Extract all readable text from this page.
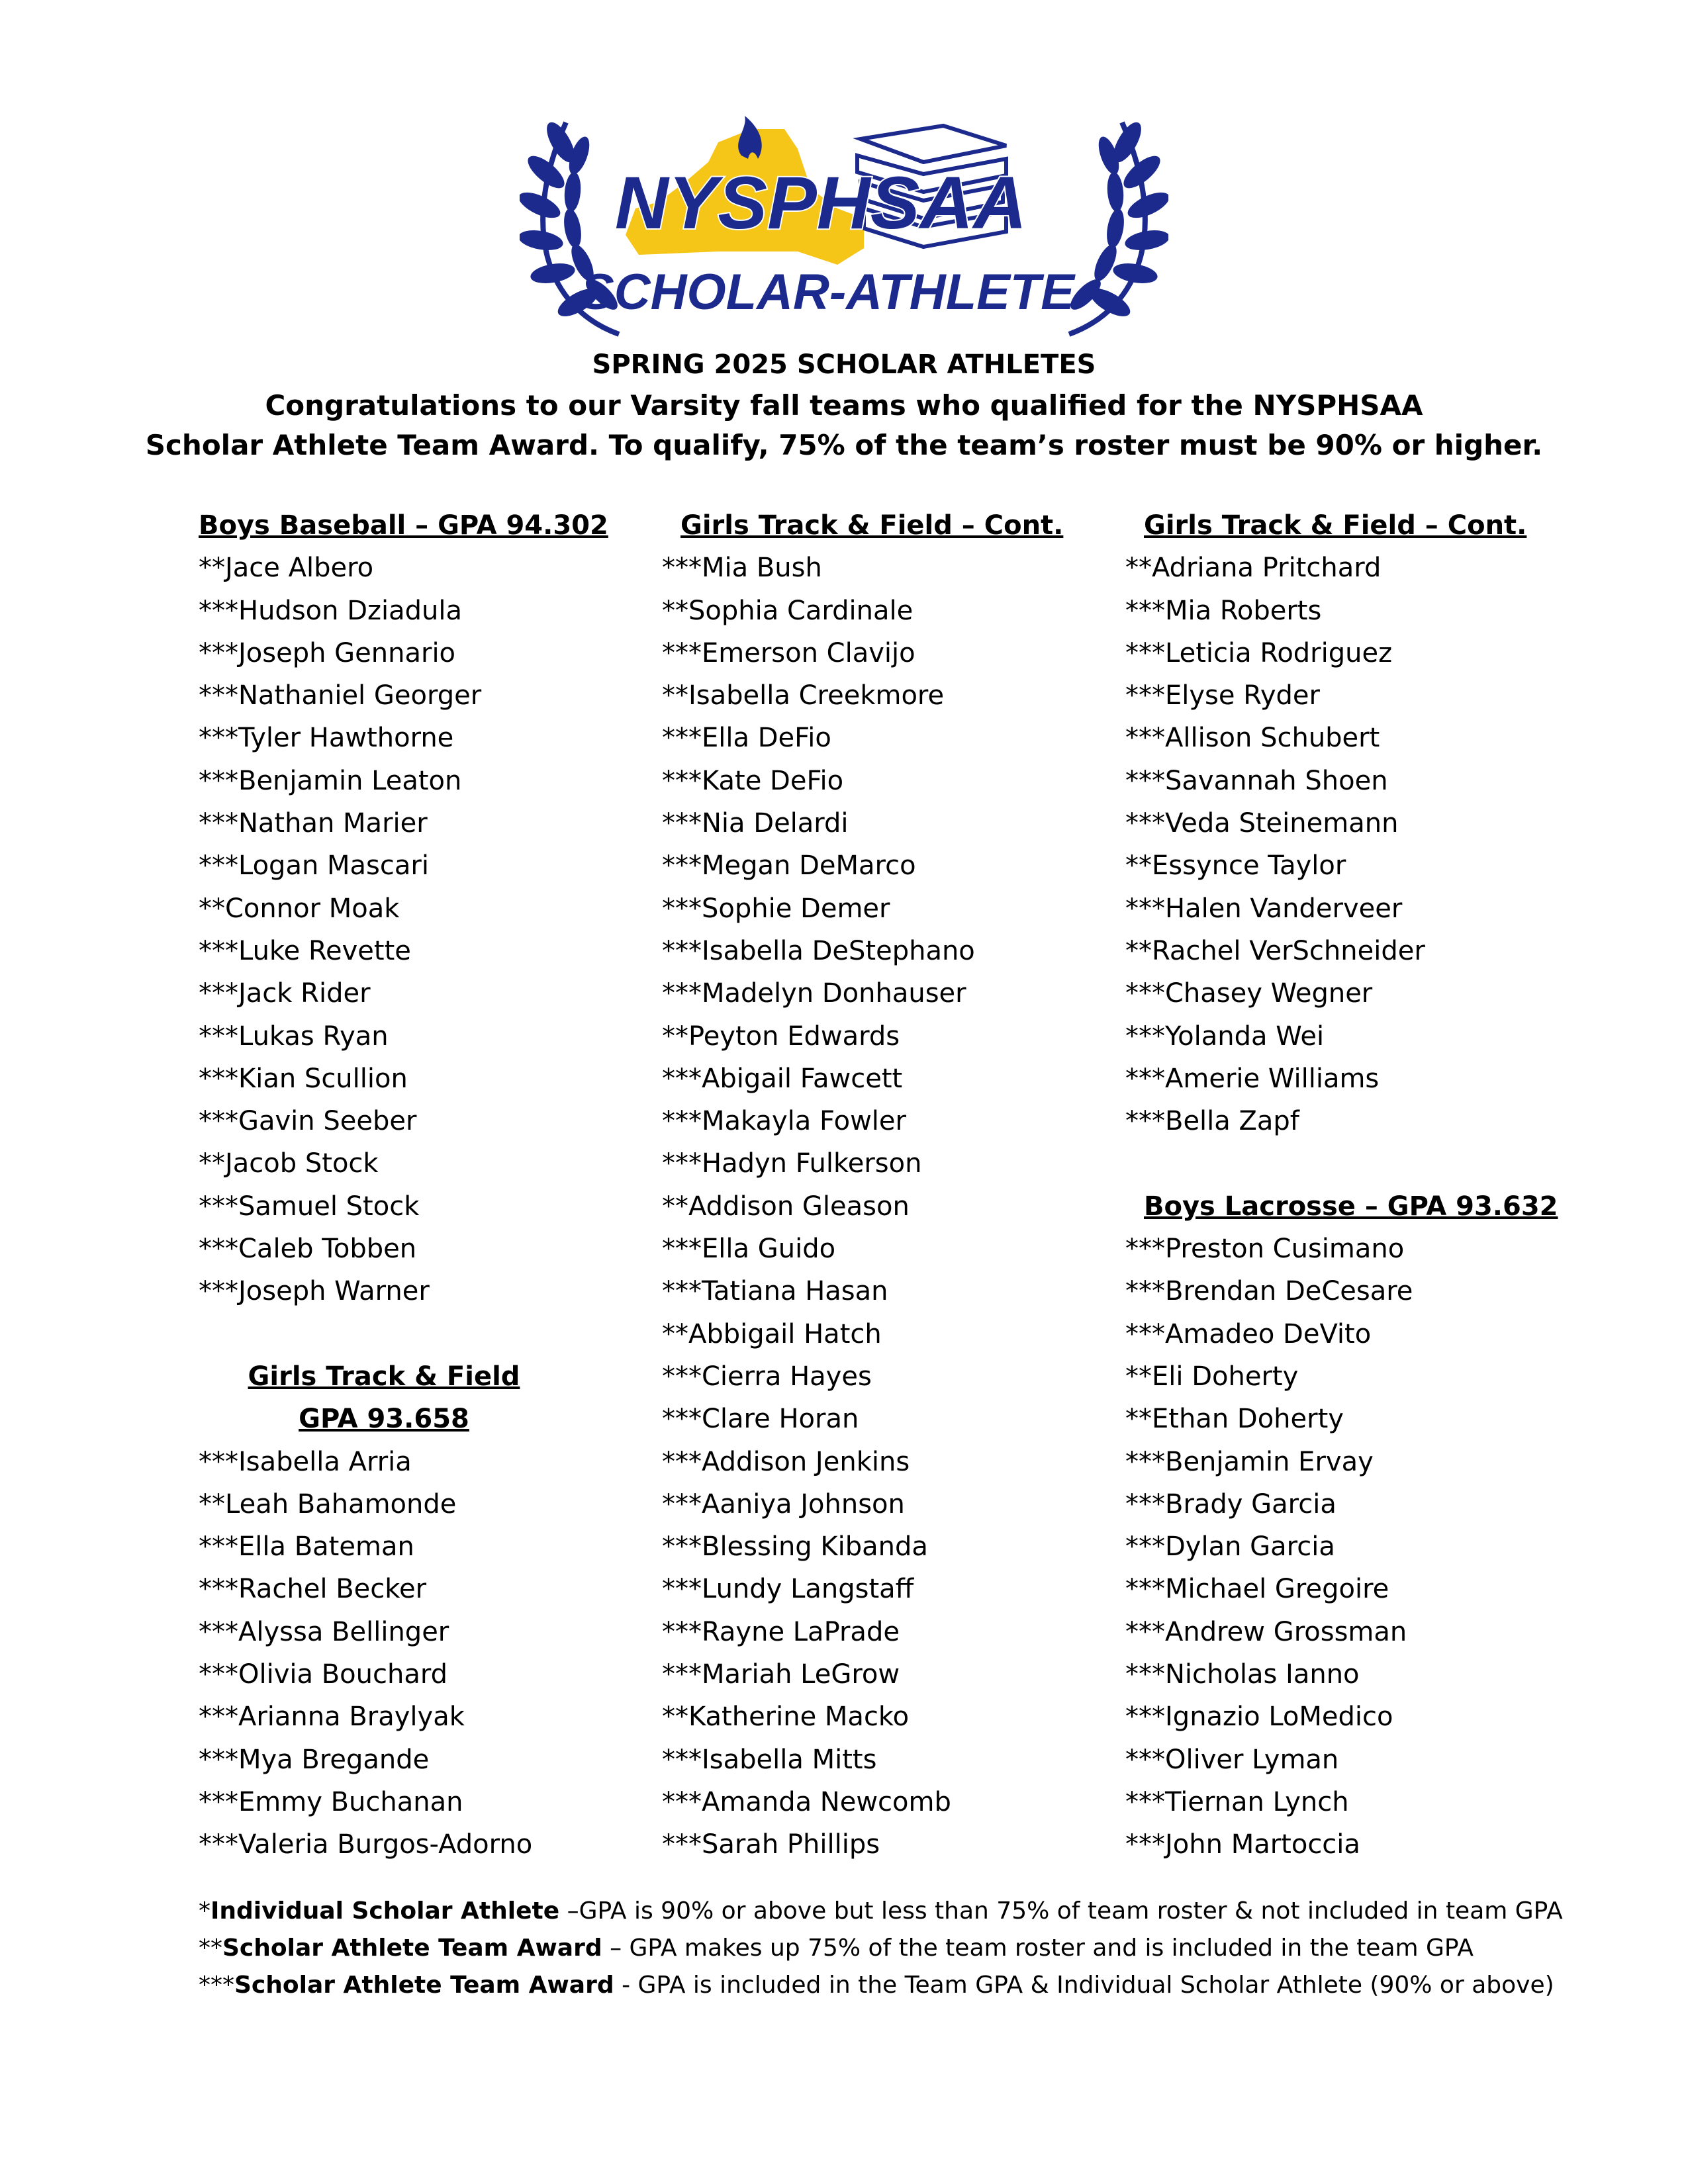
NYSPHSAA
SCHOLAR-ATHLETE

SPRING 2025 SCHOLAR ATHLETES

Congratulations to our Varsity fall teams who qualified for the NYSPHSAA

Scholar Athlete Team Award. To qualify, 75% of the team’s roster must be 90% or higher.

Boys Baseball – GPA 94.302
**Jace Albero
***Hudson Dziadula
***Joseph Gennario
***Nathaniel Georger
***Tyler Hawthorne
***Benjamin Leaton
***Nathan Marier
***Logan Mascari
**Connor Moak
***Luke Revette
***Jack Rider
***Lukas Ryan
***Kian Scullion
***Gavin Seeber
**Jacob Stock
***Samuel Stock
***Caleb Tobben
***Joseph Warner
Girls Track & Field
GPA 93.658
***Isabella Arria
**Leah Bahamonde
***Ella Bateman
***Rachel Becker
***Alyssa Bellinger
***Olivia Bouchard
***Arianna Braylyak
***Mya Bregande
***Emmy Buchanan
***Valeria Burgos-Adorno
Girls Track & Field – Cont.
***Mia Bush
**Sophia Cardinale
***Emerson Clavijo
**Isabella Creekmore
***Ella DeFio
***Kate DeFio
***Nia Delardi
***Megan DeMarco
***Sophie Demer
***Isabella DeStephano
***Madelyn Donhauser
**Peyton Edwards
***Abigail Fawcett
***Makayla Fowler
***Hadyn Fulkerson
**Addison Gleason
***Ella Guido
***Tatiana Hasan
**Abbigail Hatch
***Cierra Hayes
***Clare Horan
***Addison Jenkins
***Aaniya Johnson
***Blessing Kibanda
***Lundy Langstaff
***Rayne LaPrade
***Mariah LeGrow
**Katherine Macko
***Isabella Mitts
***Amanda Newcomb
***Sarah Phillips
Girls Track & Field – Cont.
**Adriana Pritchard
***Mia Roberts
***Leticia Rodriguez
***Elyse Ryder
***Allison Schubert
***Savannah Shoen
***Veda Steinemann
**Essynce Taylor
***Halen Vanderveer
**Rachel VerSchneider
***Chasey Wegner
***Yolanda Wei
***Amerie Williams
***Bella Zapf
Boys Lacrosse – GPA 93.632
***Preston Cusimano
***Brendan DeCesare
***Amadeo DeVito
**Eli Doherty
**Ethan Doherty
***Benjamin Ervay
***Brady Garcia
***Dylan Garcia
***Michael Gregoire
***Andrew Grossman
***Nicholas Ianno
***Ignazio LoMedico
***Oliver Lyman
***Tiernan Lynch
***John Martoccia
*Individual Scholar Athlete –GPA is 90% or above but less than 75% of team roster & not included in team GPA
**Scholar Athlete Team Award – GPA makes up 75% of the team roster and is included in the team GPA
***Scholar Athlete Team Award - GPA is included in the Team GPA & Individual Scholar Athlete (90% or above)
